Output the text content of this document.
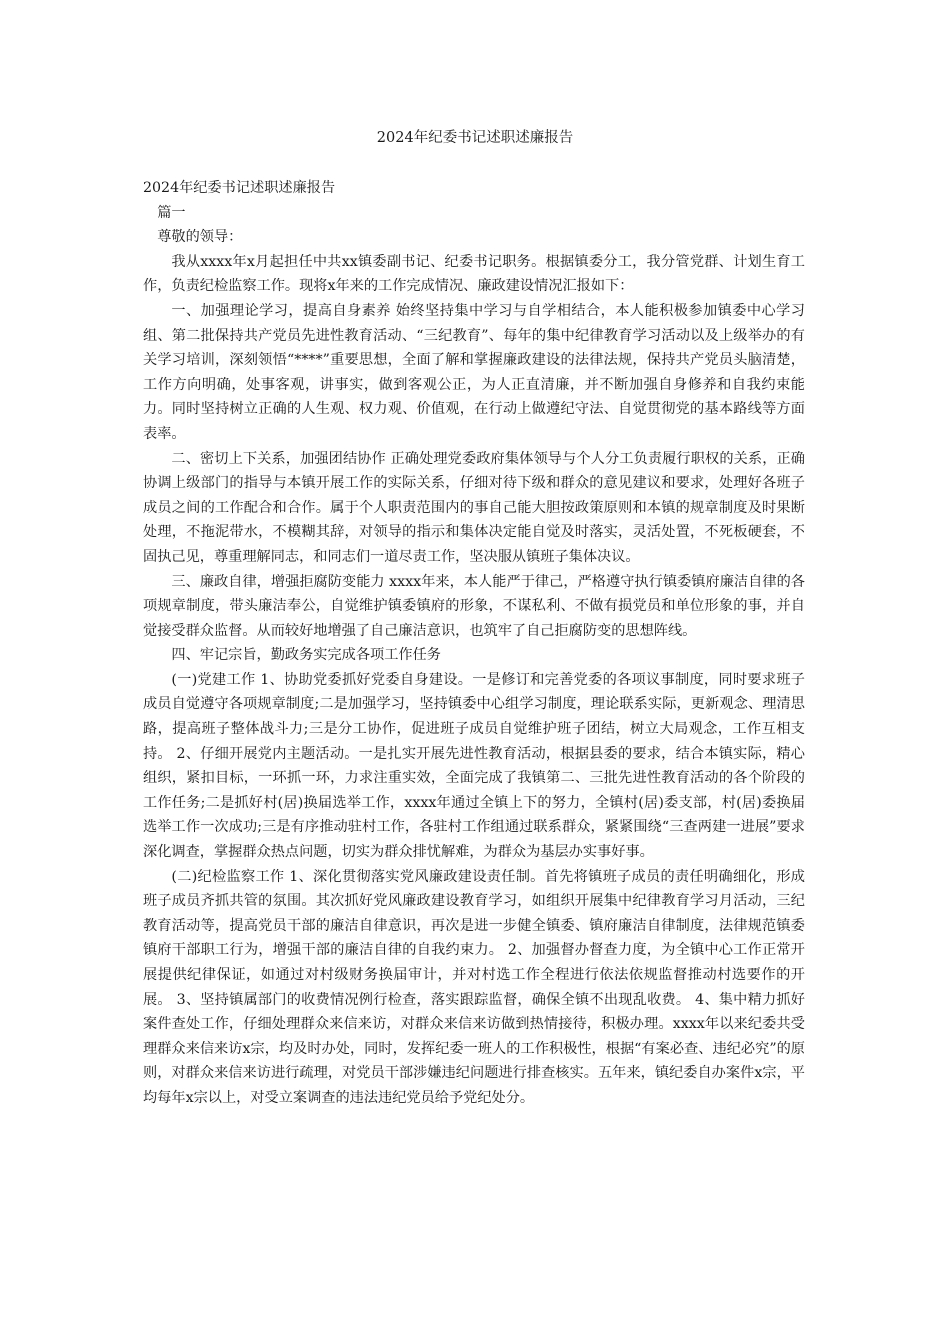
2024年纪委书记述职述廉报告

2024年纪委书记述职述廉报告

篇一

尊敬的领导：

我从xxxx年x月起担任中共xx镇委副书记、纪委书记职务。根据镇委分工，我分管党群、计划生育工作，负责纪检监察工作。现将x年来的工作完成情况、廉政建设情况汇报如下：

一、加强理论学习，提高自身素养 始终坚持集中学习与自学相结合，本人能积极参加镇委中心学习组、第二批保持共产党员先进性教育活动、“三纪教育”、每年的集中纪律教育学习活动以及上级举办的有关学习培训，深刻领悟“****”重要思想，全面了解和掌握廉政建设的法律法规，保持共产党员头脑清楚，工作方向明确，处事客观，讲事实，做到客观公正，为人正直清廉，并不断加强自身修养和自我约束能力。同时坚持树立正确的人生观、权力观、价值观，在行动上做遵纪守法、自觉贯彻党的基本路线等方面表率。

二、密切上下关系，加强团结协作 正确处理党委政府集体领导与个人分工负责履行职权的关系，正确协调上级部门的指导与本镇开展工作的实际关系，仔细对待下级和群众的意见建议和要求，处理好各班子成员之间的工作配合和合作。属于个人职责范围内的事自己能大胆按政策原则和本镇的规章制度及时果断处理，不拖泥带水，不模糊其辞，对领导的指示和集体决定能自觉及时落实，灵活处置，不死板硬套，不固执己见，尊重理解同志，和同志们一道尽责工作，坚决服从镇班子集体决议。

三、廉政自律，增强拒腐防变能力 xxxx年来，本人能严于律己，严格遵守执行镇委镇府廉洁自律的各项规章制度，带头廉洁奉公，自觉维护镇委镇府的形象，不谋私利、不做有损党员和单位形象的事，并自觉接受群众监督。从而较好地增强了自己廉洁意识，也筑牢了自己拒腐防变的思想阵线。

四、牢记宗旨，勤政务实完成各项工作任务

(一)党建工作 1、协助党委抓好党委自身建设。一是修订和完善党委的各项议事制度，同时要求班子成员自觉遵守各项规章制度;二是加强学习，坚持镇委中心组学习制度，理论联系实际，更新观念、理清思路，提高班子整体战斗力;三是分工协作，促进班子成员自觉维护班子团结，树立大局观念，工作互相支持。 2、仔细开展党内主题活动。一是扎实开展先进性教育活动，根据县委的要求，结合本镇实际，精心组织，紧扣目标，一环抓一环，力求注重实效，全面完成了我镇第二、三批先进性教育活动的各个阶段的工作任务;二是抓好村(居)换届选举工作，xxxx年通过全镇上下的努力，全镇村(居)委支部，村(居)委换届选举工作一次成功;三是有序推动驻村工作，各驻村工作组通过联系群众，紧紧围绕“三查两建一进展”要求深化调查，掌握群众热点问题，切实为群众排忧解难，为群众为基层办实事好事。

(二)纪检监察工作 1、深化贯彻落实党风廉政建设责任制。首先将镇班子成员的责任明确细化，形成班子成员齐抓共管的氛围。其次抓好党风廉政建设教育学习，如组织开展集中纪律教育学习月活动，三纪教育活动等，提高党员干部的廉洁自律意识，再次是进一步健全镇委、镇府廉洁自律制度，法律规范镇委镇府干部职工行为，增强干部的廉洁自律的自我约束力。 2、加强督办督查力度，为全镇中心工作正常开展提供纪律保证，如通过对村级财务换届审计，并对村选工作全程进行依法依规监督推动村选要作的开展。 3、坚持镇属部门的收费情况例行检查，落实跟踪监督，确保全镇不出现乱收费。 4、集中精力抓好案件查处工作，仔细处理群众来信来访，对群众来信来访做到热情接待，积极办理。xxxx年以来纪委共受理群众来信来访x宗，均及时办处，同时，发挥纪委一班人的工作积极性，根据“有案必查、违纪必究”的原则，对群众来信来访进行疏理，对党员干部涉嫌违纪问题进行排查核实。五年来，镇纪委自办案件x宗，平均每年x宗以上，对受立案调查的违法违纪党员给予党纪处分。
